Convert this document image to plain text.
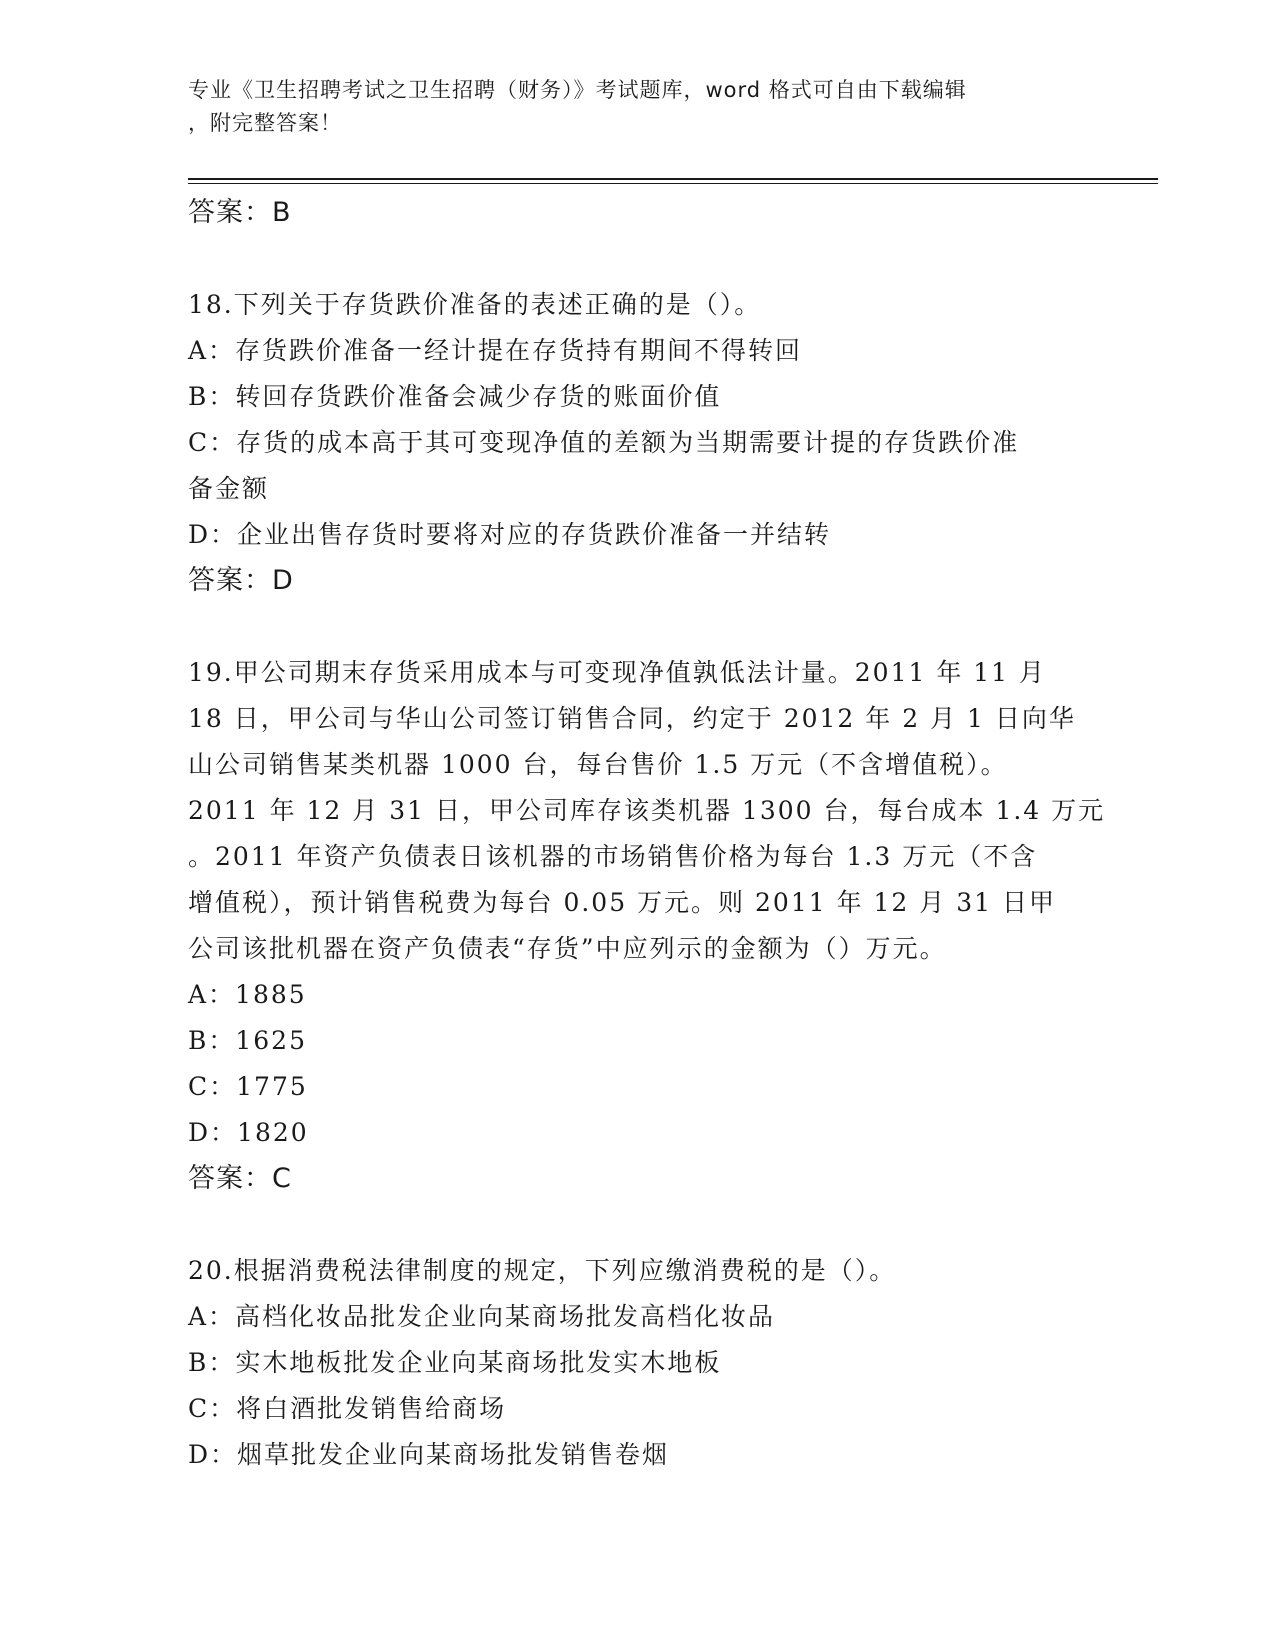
专业《卫生招聘考试之卫生招聘（财务）》考试题库，word 格式可自由下载编辑
，附完整答案！
答案：B
18.下列关于存货跌价准备的表述正确的是（）。
A：存货跌价准备一经计提在存货持有期间不得转回
B：转回存货跌价准备会减少存货的账面价值
C：存货的成本高于其可变现净值的差额为当期需要计提的存货跌价准
备金额
D：企业出售存货时要将对应的存货跌价准备一并结转
答案：D
19.甲公司期末存货采用成本与可变现净值孰低法计量。2011 年 11 月
18 日，甲公司与华山公司签订销售合同，约定于 2012 年 2 月 1 日向华
山公司销售某类机器 1000 台，每台售价 1.5 万元（不含增值税）。
2011 年 12 月 31 日，甲公司库存该类机器 1300 台，每台成本 1.4 万元
。2011 年资产负债表日该机器的市场销售价格为每台 1.3 万元（不含
增值税），预计销售税费为每台 0.05 万元。则 2011 年 12 月 31 日甲
公司该批机器在资产负债表“存货”中应列示的金额为（）万元。
A：1885
B：1625
C：1775
D：1820
答案：C
20.根据消费税法律制度的规定，下列应缴消费税的是（）。
A：高档化妆品批发企业向某商场批发高档化妆品
B：实木地板批发企业向某商场批发实木地板
C：将白酒批发销售给商场
D：烟草批发企业向某商场批发销售卷烟
